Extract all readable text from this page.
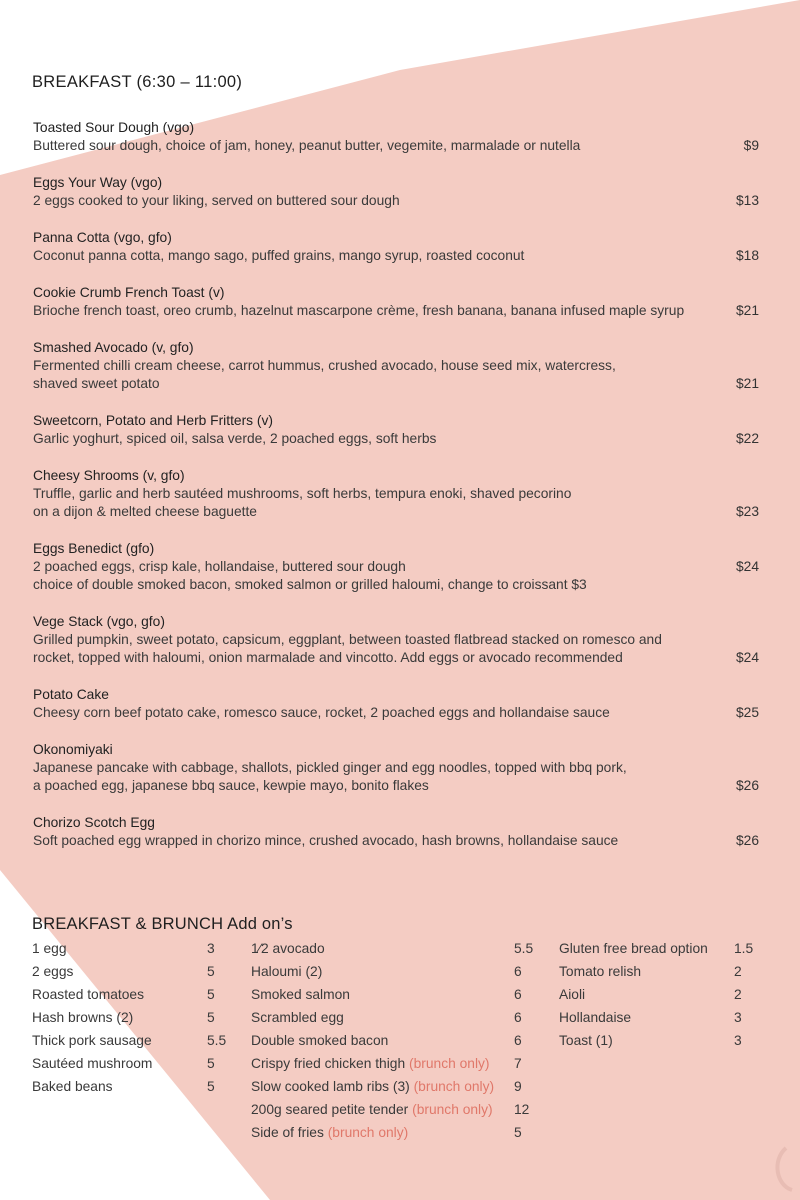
BREAKFAST (6:30 – 11:00)
Toasted Sour Dough (vgo)
Buttered sour dough, choice of jam, honey, peanut butter, vegemite, marmalade or nutella	$9
Eggs Your Way (vgo)
2 eggs cooked to your liking, served on buttered sour dough	$13
Panna Cotta (vgo, gfo)
Coconut panna cotta, mango sago, puffed grains, mango syrup, roasted coconut	$18
Cookie Crumb French Toast (v)
Brioche french toast, oreo crumb, hazelnut mascarpone crème, fresh banana, banana infused maple syrup	$21
Smashed Avocado (v, gfo)
Fermented chilli cream cheese, carrot hummus, crushed avocado, house seed mix, watercress,
shaved sweet potato	$21
Sweetcorn, Potato and Herb Fritters (v)
Garlic yoghurt, spiced oil, salsa verde, 2 poached eggs, soft herbs	$22
Cheesy Shrooms (v, gfo)
Truffle, garlic and herb sautéed mushrooms, soft herbs, tempura enoki, shaved pecorino
on a dijon & melted cheese baguette	$23
Eggs Benedict (gfo)
2 poached eggs, crisp kale, hollandaise, buttered sour dough
choice of double smoked bacon, smoked salmon or grilled haloumi, change to croissant $3
$24
Vege Stack (vgo, gfo)
Grilled pumpkin, sweet potato, capsicum, eggplant, between toasted flatbread stacked on romesco and
rocket, topped with haloumi, onion marmalade and vincotto. Add eggs or avocado recommended	$24
Potato Cake
Cheesy corn beef potato cake, romesco sauce, rocket, 2 poached eggs and hollandaise sauce	$25
Okonomiyaki
Japanese pancake with cabbage, shallots, pickled ginger and egg noodles, topped with bbq pork,
a poached egg, japanese bbq sauce, kewpie mayo, bonito flakes	$26
Chorizo Scotch Egg
Soft poached egg wrapped in chorizo mince, crushed avocado, hash browns, hollandaise sauce	$26
BREAKFAST & BRUNCH Add on’s
1 egg	3
2 eggs	5
Roasted tomatoes	5
Hash browns (2)	5
Thick pork sausage	5.5
Sautéed mushroom	5
Baked beans	5
1⁄2 avocado	5.5
Haloumi (2)	6
Smoked salmon	6
Scrambled egg	6
Double smoked bacon	6
Crispy fried chicken thigh (brunch only) 7
Slow cooked lamb ribs (3) (brunch only) 9
200g seared petite tender (brunch only) 12
Side of fries (brunch only)	5
Gluten free bread option 1.5
Tomato relish	2
Aioli	2
Hollandaise	3
Toast (1)	3
